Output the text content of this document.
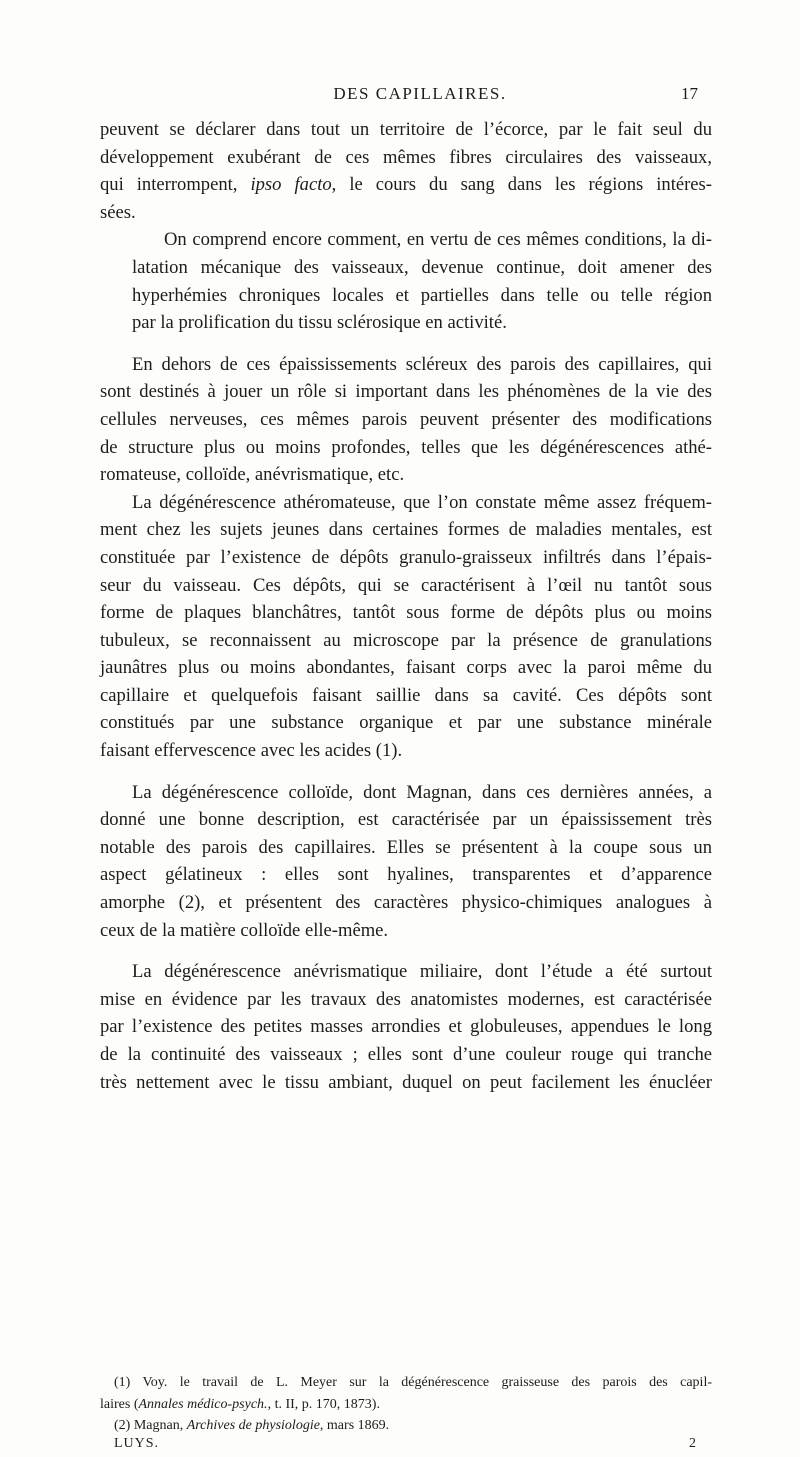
DES CAPILLAIRES.	17

peuvent se déclarer dans tout un territoire de l’écorce, par le fait seul du
développement exubérant de ces mêmes fibres circulaires des vaisseaux,
qui interrompent, ipso facto, le cours du sang dans les régions intéres-
sées.

On comprend encore comment, en vertu de ces mêmes conditions, la di-
latation mécanique des vaisseaux, devenue continue, doit amener des
hyperhémies chroniques locales et partielles dans telle ou telle région
par la prolification du tissu sclérosique en activité.

En dehors de ces épaississements scléreux des parois des capillaires, qui
sont destinés à jouer un rôle si important dans les phénomènes de la vie des
cellules nerveuses, ces mêmes parois peuvent présenter des modifications
de structure plus ou moins profondes, telles que les dégénérescences athé-
romateuse, colloïde, anévrismatique, etc.

La dégénérescence athéromateuse, que l’on constate même assez fréquem-
ment chez les sujets jeunes dans certaines formes de maladies mentales, est
constituée par l’existence de dépôts granulo-graisseux infiltrés dans l’épais-
seur du vaisseau. Ces dépôts, qui se caractérisent à l’œil nu tantôt sous
forme de plaques blanchâtres, tantôt sous forme de dépôts plus ou moins
tubuleux, se reconnaissent au microscope par la présence de granulations
jaunâtres plus ou moins abondantes, faisant corps avec la paroi même du
capillaire et quelquefois faisant saillie dans sa cavité. Ces dépôts sont
constitués par une substance organique et par une substance minérale
faisant effervescence avec les acides (1).

La dégénérescence colloïde, dont Magnan, dans ces dernières années, a
donné une bonne description, est caractérisée par un épaississement très
notable des parois des capillaires. Elles se présentent à la coupe sous un
aspect gélatineux : elles sont hyalines, transparentes et d’apparence
amorphe (2), et présentent des caractères physico-chimiques analogues à
ceux de la matière colloïde elle-même.

La dégénérescence anévrismatique miliaire, dont l’étude a été surtout
mise en évidence par les travaux des anatomistes modernes, est caractérisée
par l’existence des petites masses arrondies et globuleuses, appendues le long
de la continuité des vaisseaux ; elles sont d’une couleur rouge qui tranche
très nettement avec le tissu ambiant, duquel on peut facilement les énucléer

(1) Voy. le travail de L. Meyer sur la dégénérescence graisseuse des parois des capil-
laires (Annales médico-psych., t. II, p. 170, 1873).

(2) Magnan, Archives de physiologie, mars 1869.

LUYS.	2
